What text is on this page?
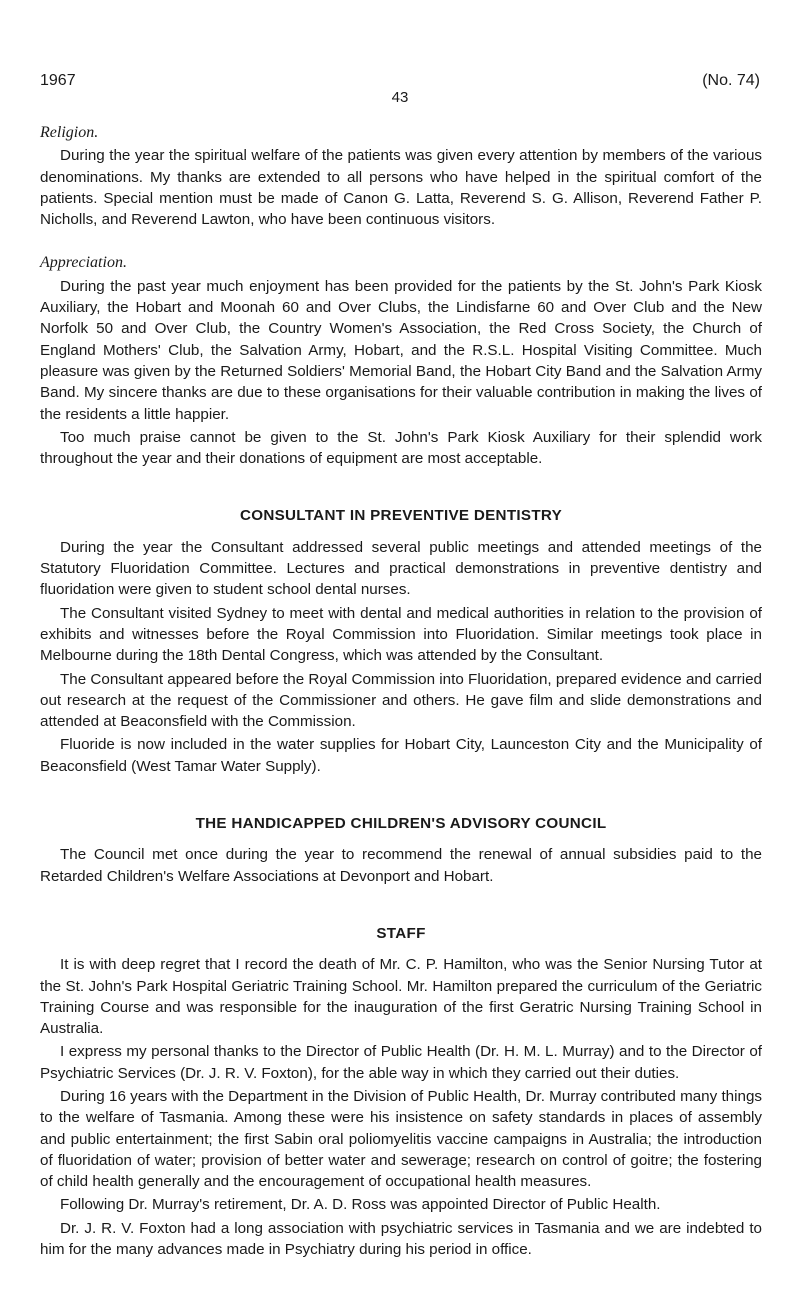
1967	(No. 74)
43
Religion.

During the year the spiritual welfare of the patients was given every attention by members of the various denominations. My thanks are extended to all persons who have helped in the spiritual comfort of the patients. Special mention must be made of Canon G. Latta, Reverend S. G. Allison, Reverend Father P. Nicholls, and Reverend Lawton, who have been continuous visitors.

Appreciation.

During the past year much enjoyment has been provided for the patients by the St. John's Park Kiosk Auxiliary, the Hobart and Moonah 60 and Over Clubs, the Lindisfarne 60 and Over Club and the New Norfolk 50 and Over Club, the Country Women's Association, the Red Cross Society, the Church of England Mothers' Club, the Salvation Army, Hobart, and the R.S.L. Hospital Visiting Committee. Much pleasure was given by the Returned Soldiers' Memorial Band, the Hobart City Band and the Salvation Army Band. My sincere thanks are due to these organisations for their valuable contribution in making the lives of the residents a little happier.

Too much praise cannot be given to the St. John's Park Kiosk Auxiliary for their splendid work throughout the year and their donations of equipment are most acceptable.

CONSULTANT IN PREVENTIVE DENTISTRY

During the year the Consultant addressed several public meetings and attended meetings of the Statutory Fluoridation Committee. Lectures and practical demonstrations in preventive dentistry and fluoridation were given to student school dental nurses.

The Consultant visited Sydney to meet with dental and medical authorities in relation to the provision of exhibits and witnesses before the Royal Commission into Fluoridation. Similar meetings took place in Melbourne during the 18th Dental Congress, which was attended by the Consultant.

The Consultant appeared before the Royal Commission into Fluoridation, prepared evidence and carried out research at the request of the Commissioner and others. He gave film and slide demonstrations and attended at Beaconsfield with the Commission.

Fluoride is now included in the water supplies for Hobart City, Launceston City and the Municipality of Beaconsfield (West Tamar Water Supply).

THE HANDICAPPED CHILDREN'S ADVISORY COUNCIL

The Council met once during the year to recommend the renewal of annual subsidies paid to the Retarded Children's Welfare Associations at Devonport and Hobart.

STAFF

It is with deep regret that I record the death of Mr. C. P. Hamilton, who was the Senior Nursing Tutor at the St. John's Park Hospital Geriatric Training School. Mr. Hamilton prepared the curriculum of the Geriatric Training Course and was responsible for the inauguration of the first Geratric Nursing Training School in Australia.

I express my personal thanks to the Director of Public Health (Dr. H. M. L. Murray) and to the Director of Psychiatric Services (Dr. J. R. V. Foxton), for the able way in which they carried out their duties.

During 16 years with the Department in the Division of Public Health, Dr. Murray contributed many things to the welfare of Tasmania. Among these were his insistence on safety standards in places of assembly and public entertainment; the first Sabin oral poliomyelitis vaccine campaigns in Australia; the introduction of fluoridation of water; provision of better water and sewerage; research on control of goitre; the fostering of child health generally and the encouragement of occupational health measures.

Following Dr. Murray's retirement, Dr. A. D. Ross was appointed Director of Public Health.

Dr. J. R. V. Foxton had a long association with psychiatric services in Tasmania and we are indebted to him for the many advances made in Psychiatry during his period in office.
